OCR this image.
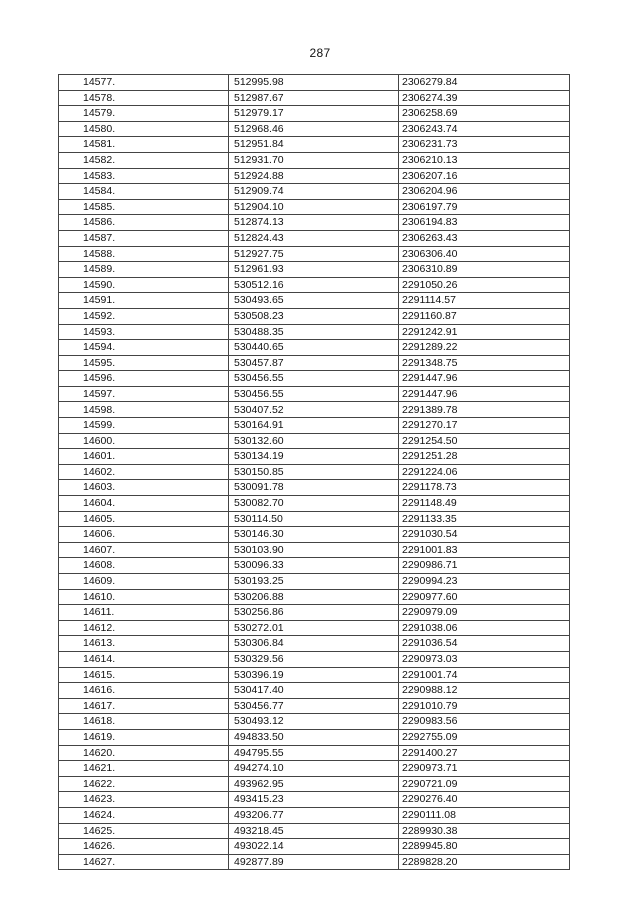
287
14577.	512995.98	2306279.84
14578.	512987.67	2306274.39
14579.	512979.17	2306258.69
14580.	512968.46	2306243.74
14581.	512951.84	2306231.73
14582.	512931.70	2306210.13
14583.	512924.88	2306207.16
14584.	512909.74	2306204.96
14585.	512904.10	2306197.79
14586.	512874.13	2306194.83
14587.	512824.43	2306263.43
14588.	512927.75	2306306.40
14589.	512961.93	2306310.89
14590.	530512.16	2291050.26
14591.	530493.65	2291114.57
14592.	530508.23	2291160.87
14593.	530488.35	2291242.91
14594.	530440.65	2291289.22
14595.	530457.87	2291348.75
14596.	530456.55	2291447.96
14597.	530456.55	2291447.96
14598.	530407.52	2291389.78
14599.	530164.91	2291270.17
14600.	530132.60	2291254.50
14601.	530134.19	2291251.28
14602.	530150.85	2291224.06
14603.	530091.78	2291178.73
14604.	530082.70	2291148.49
14605.	530114.50	2291133.35
14606.	530146.30	2291030.54
14607.	530103.90	2291001.83
14608.	530096.33	2290986.71
14609.	530193.25	2290994.23
14610.	530206.88	2290977.60
14611.	530256.86	2290979.09
14612.	530272.01	2291038.06
14613.	530306.84	2291036.54
14614.	530329.56	2290973.03
14615.	530396.19	2291001.74
14616.	530417.40	2290988.12
14617.	530456.77	2291010.79
14618.	530493.12	2290983.56
14619.	494833.50	2292755.09
14620.	494795.55	2291400.27
14621.	494274.10	2290973.71
14622.	493962.95	2290721.09
14623.	493415.23	2290276.40
14624.	493206.77	2290111.08
14625.	493218.45	2289930.38
14626.	493022.14	2289945.80
14627.	492877.89	2289828.20
